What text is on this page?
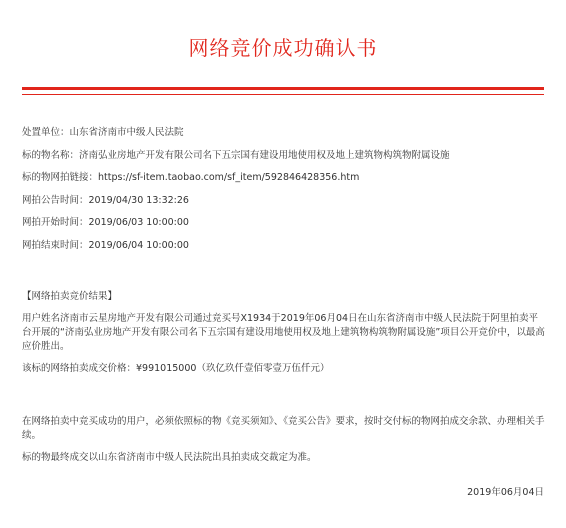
网络竞价成功确认书
处置单位：山东省济南市中级人民法院
标的物名称：济南弘业房地产开发有限公司名下五宗国有建设用地使用权及地上建筑物构筑物附属设施
标的物网拍链接：https://sf-item.taobao.com/sf_item/592846428356.htm
网拍公告时间：2019/04/30 13:32:26
网拍开始时间：2019/06/03 10:00:00
网拍结束时间：2019/06/04 10:00:00
【网络拍卖竞价结果】
用户姓名济南市云星房地产开发有限公司通过竞买号X1934于2019年06月04日在山东省济南市中级人民法院于阿里拍卖平台开展的“济南弘业房地产开发有限公司名下五宗国有建设用地使用权及地上建筑物构筑物附属设施”项目公开竞价中，以最高应价胜出。
该标的网络拍卖成交价格：¥991015000（玖亿玖仟壹佰零壹万伍仟元）
在网络拍卖中竞买成功的用户，必须依照标的物《竞买须知》、《竞买公告》要求，按时交付标的物网拍成交余款、办理相关手续。
标的物最终成交以山东省济南市中级人民法院出具拍卖成交裁定为准。
2019年06月04日
